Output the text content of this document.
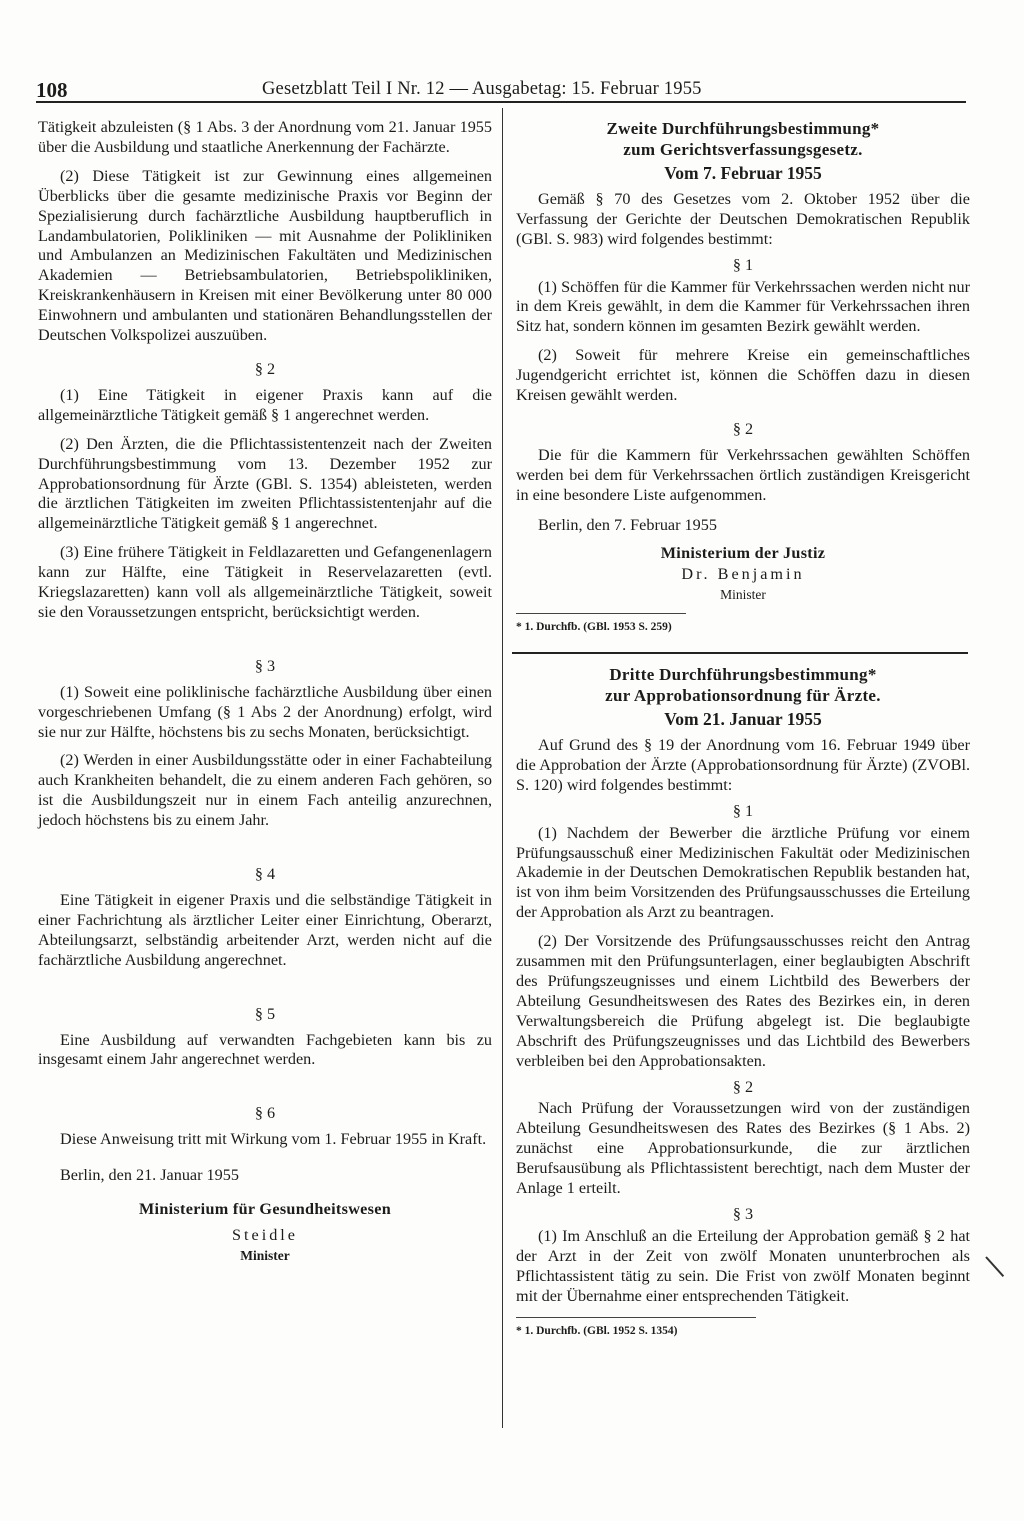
108	Gesetzblatt Teil I Nr. 12 — Ausgabetag: 15. Februar 1955

Tätigkeit abzuleisten (§ 1 Abs. 3 der Anordnung vom 21. Januar 1955 über die Ausbildung und staatliche Anerkennung der Fachärzte.

(2) Diese Tätigkeit ist zur Gewinnung eines allgemeinen Überblicks über die gesamte medizinische Praxis vor Beginn der Spezialisierung durch fachärztliche Ausbildung hauptberuflich in Landambulatorien, Polikliniken — mit Ausnahme der Polikliniken und Ambulanzen an Medizinischen Fakultäten und Medizinischen Akademien — Betriebsambulatorien, Betriebspolikliniken, Kreiskrankenhäusern in Kreisen mit einer Bevölkerung unter 80 000 Einwohnern und ambulanten und stationären Behandlungsstellen der Deutschen Volkspolizei auszuüben.

§ 2

(1) Eine Tätigkeit in eigener Praxis kann auf die allgemeinärztliche Tätigkeit gemäß § 1 angerechnet werden.

(2) Den Ärzten, die die Pflichtassistentenzeit nach der Zweiten Durchführungsbestimmung vom 13. Dezember 1952 zur Approbationsordnung für Ärzte (GBl. S. 1354) ableisteten, werden die ärztlichen Tätigkeiten im zweiten Pflichtassistentenjahr auf die allgemeinärztliche Tätigkeit gemäß § 1 angerechnet.

(3) Eine frühere Tätigkeit in Feldlazaretten und Gefangenenlagern kann zur Hälfte, eine Tätigkeit in Reservelazaretten (evtl. Kriegslazaretten) kann voll als allgemeinärztliche Tätigkeit, soweit sie den Voraussetzungen entspricht, berücksichtigt werden.

§ 3

(1) Soweit eine poliklinische fachärztliche Ausbildung über einen vorgeschriebenen Umfang (§ 1 Abs 2 der Anordnung) erfolgt, wird sie nur zur Hälfte, höchstens bis zu sechs Monaten, berücksichtigt.

(2) Werden in einer Ausbildungsstätte oder in einer Fachabteilung auch Krankheiten behandelt, die zu einem anderen Fach gehören, so ist die Ausbildungszeit nur in einem Fach anteilig anzurechnen, jedoch höchstens bis zu einem Jahr.

§ 4

Eine Tätigkeit in eigener Praxis und die selbständige Tätigkeit in einer Fachrichtung als ärztlicher Leiter einer Einrichtung, Oberarzt, Abteilungsarzt, selbständig arbeitender Arzt, werden nicht auf die fachärztliche Ausbildung angerechnet.

§ 5

Eine Ausbildung auf verwandten Fachgebieten kann bis zu insgesamt einem Jahr angerechnet werden.

§ 6

Diese Anweisung tritt mit Wirkung vom 1. Februar 1955 in Kraft.

Berlin, den 21. Januar 1955

Ministerium für Gesundheitswesen
Steidle
Minister
Zweite Durchführungsbestimmung*
zum Gerichtsverfassungsgesetz.
Vom 7. Februar 1955

Gemäß § 70 des Gesetzes vom 2. Oktober 1952 über die Verfassung der Gerichte der Deutschen Demokratischen Republik (GBl. S. 983) wird folgendes bestimmt:

§ 1

(1) Schöffen für die Kammer für Verkehrssachen werden nicht nur in dem Kreis gewählt, in dem die Kammer für Verkehrssachen ihren Sitz hat, sondern können im gesamten Bezirk gewählt werden.

(2) Soweit für mehrere Kreise ein gemeinschaftliches Jugendgericht errichtet ist, können die Schöffen dazu in diesen Kreisen gewählt werden.

§ 2

Die für die Kammern für Verkehrssachen gewählten Schöffen werden bei dem für Verkehrssachen örtlich zuständigen Kreisgericht in eine besondere Liste aufgenommen.

Berlin, den 7. Februar 1955

Ministerium der Justiz
Dr. Benjamin
Minister
* 1. Durchfb. (GBl. 1953 S. 259)
Dritte Durchführungsbestimmung*
zur Approbationsordnung für Ärzte.
Vom 21. Januar 1955

Auf Grund des § 19 der Anordnung vom 16. Februar 1949 über die Approbation der Ärzte (Approbationsordnung für Ärzte) (ZVOBl. S. 120) wird folgendes bestimmt:

§ 1

(1) Nachdem der Bewerber die ärztliche Prüfung vor einem Prüfungsausschuß einer Medizinischen Fakultät oder Medizinischen Akademie in der Deutschen Demokratischen Republik bestanden hat, ist von ihm beim Vorsitzenden des Prüfungsausschusses die Erteilung der Approbation als Arzt zu beantragen.

(2) Der Vorsitzende des Prüfungsausschusses reicht den Antrag zusammen mit den Prüfungsunterlagen, einer beglaubigten Abschrift des Prüfungszeugnisses und einem Lichtbild des Bewerbers der Abteilung Gesundheitswesen des Rates des Bezirkes ein, in deren Verwaltungsbereich die Prüfung abgelegt ist. Die beglaubigte Abschrift des Prüfungszeugnisses und das Lichtbild des Bewerbers verbleiben bei den Approbationsakten.

§ 2

Nach Prüfung der Voraussetzungen wird von der zuständigen Abteilung Gesundheitswesen des Rates des Bezirkes (§ 1 Abs. 2) zunächst eine Approbationsurkunde, die zur ärztlichen Berufsausübung als Pflichtassistent berechtigt, nach dem Muster der Anlage 1 erteilt.

§ 3

(1) Im Anschluß an die Erteilung der Approbation gemäß § 2 hat der Arzt in der Zeit von zwölf Monaten ununterbrochen als Pflichtassistent tätig zu sein. Die Frist von zwölf Monaten beginnt mit der Übernahme einer entsprechenden Tätigkeit.

* 1. Durchfb. (GBl. 1952 S. 1354)
